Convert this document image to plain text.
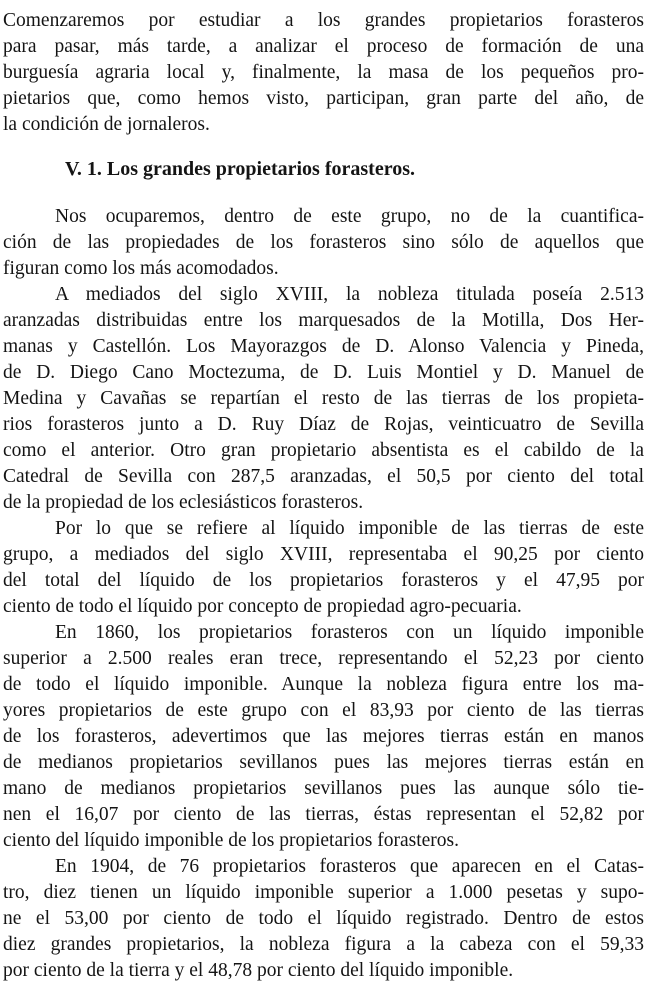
Comenzaremos por estudiar a los grandes propietarios forasteros
para pasar, más tarde, a analizar el proceso de formación de una
burguesía agraria local y, finalmente, la masa de los pequeños pro-
pietarios que, como hemos visto, participan, gran parte del año, de
la condición de jornaleros.
V. 1. Los grandes propietarios forasteros.
Nos ocuparemos, dentro de este grupo, no de la cuantifica-
ción de las propiedades de los forasteros sino sólo de aquellos que
figuran como los más acomodados.
A mediados del siglo XVIII, la nobleza titulada poseía 2.513
aranzadas distribuidas entre los marquesados de la Motilla, Dos Her-
manas y Castellón. Los Mayorazgos de D. Alonso Valencia y Pineda,
de D. Diego Cano Moctezuma, de D. Luis Montiel y D. Manuel de
Medina y Cavañas se repartían el resto de las tierras de los propieta-
rios forasteros junto a D. Ruy Díaz de Rojas, veinticuatro de Sevilla
como el anterior. Otro gran propietario absentista es el cabildo de la
Catedral de Sevilla con 287,5 aranzadas, el 50,5 por ciento del total
de la propiedad de los eclesiásticos forasteros.
Por lo que se refiere al líquido imponible de las tierras de este
grupo, a mediados del siglo XVIII, representaba el 90,25 por ciento
del total del líquido de los propietarios forasteros y el 47,95 por
ciento de todo el líquido por concepto de propiedad agro-pecuaria.
En 1860, los propietarios forasteros con un líquido imponible
superior a 2.500 reales eran trece, representando el 52,23 por ciento
de todo el líquido imponible. Aunque la nobleza figura entre los ma-
yores propietarios de este grupo con el 83,93 por ciento de las tierras
de los forasteros, adevertimos que las mejores tierras están en manos
de medianos propietarios sevillanos pues las mejores tierras están en
mano de medianos propietarios sevillanos pues las aunque sólo tie-
nen el 16,07 por ciento de las tierras, éstas representan el 52,82 por
ciento del líquido imponible de los propietarios forasteros.
En 1904, de 76 propietarios forasteros que aparecen en el Catas-
tro, diez tienen un líquido imponible superior a 1.000 pesetas y supo-
ne el 53,00 por ciento de todo el líquido registrado. Dentro de estos
diez grandes propietarios, la nobleza figura a la cabeza con el 59,33
por ciento de la tierra y el 48,78 por ciento del líquido imponible.
